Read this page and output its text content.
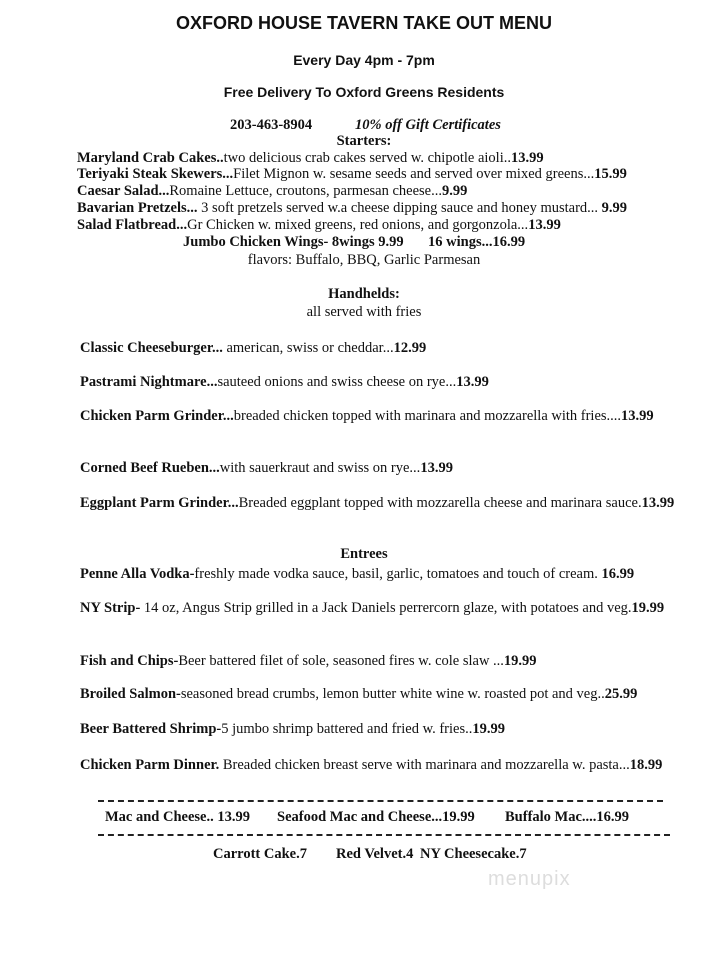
OXFORD HOUSE TAVERN TAKE OUT MENU
Every Day 4pm - 7pm
Free Delivery To Oxford Greens Residents
203-463-8904	10% off Gift Certificates
Starters:
Maryland Crab Cakes..two delicious crab cakes served w. chipotle aioli..13.99
Teriyaki Steak Skewers...Filet Mignon w. sesame seeds and served over mixed greens...15.99
Caesar Salad...Romaine Lettuce, croutons, parmesan cheese...9.99
Bavarian Pretzels... 3 soft pretzels served w.a cheese dipping sauce and honey mustard... 9.99
Salad Flatbread...Gr Chicken w. mixed greens, red onions, and gorgonzola...13.99
Jumbo Chicken Wings- 8wings 9.99 16 wings...16.99
flavors: Buffalo, BBQ, Garlic Parmesan
Handhelds:
all served with fries
Classic Cheeseburger... american, swiss or cheddar...12.99
Pastrami Nightmare...sauteed onions and swiss cheese on rye...13.99
Chicken Parm Grinder...breaded chicken topped with marinara and mozzarella with fries....13.99
Corned Beef Rueben...with sauerkraut and swiss on rye...13.99
Eggplant Parm Grinder...Breaded eggplant topped with mozzarella cheese and marinara sauce.13.99
Penne Alla Vodka-freshly made vodka sauce, basil, garlic, tomatoes and touch of cream. 16.99
NY Strip- 14 oz, Angus Strip grilled in a Jack Daniels perrercorn glaze, with potatoes and veg.19.99
Fish and Chips-Beer battered filet of sole, seasoned fires w. cole slaw ...19.99
Broiled Salmon-seasoned bread crumbs, lemon butter white wine w. roasted pot and veg..25.99
Beer Battered Shrimp-5 jumbo shrimp battered and fried w. fries..19.99
Chicken Parm Dinner. Breaded chicken breast serve with marinara and mozzarella w. pasta...18.99
Entrees
Mac and Cheese.. 13.99 Seafood Mac and Cheese...19.99 Buffalo Mac....16.99
Carrott Cake.7 Red Velvet.4 NY Cheesecake.7
menupix
